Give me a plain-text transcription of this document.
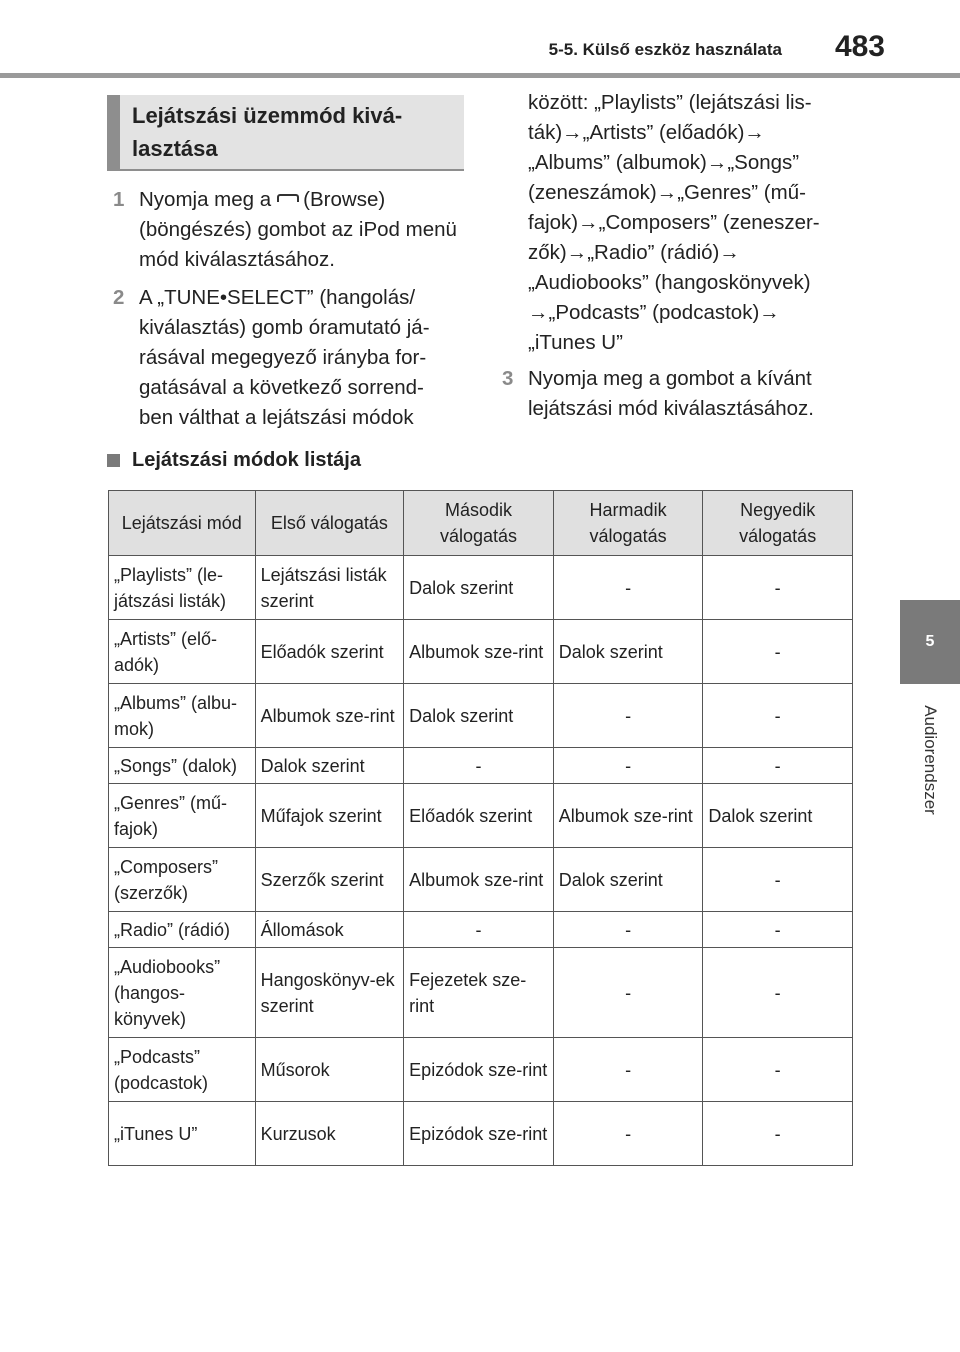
5-5. Külső eszköz használata 483
5
Audiorendszer
Lejátszási üzemmód kivá-
lasztása
1 Nyomja meg a (Browse) (böngészés) gombot az iPod menü mód kiválasztásához.
2 A „TUNE•SELECT” (hangolás/
kiválasztás) gomb óramutató já-
rásával megegyező irányba for-
gatásával a következő sorrend-
ben válthat a lejátszási módok
között: „Playlists” (lejátszási lis-
ták)→„Artists” (előadók)→
„Albums” (albumok)→„Songs”
(zeneszámok)→„Genres” (mű-
fajok)→„Composers” (zeneszer-
zők)→„Radio” (rádió)→
„Audiobooks” (hangoskönyvek)
→„Podcasts” (podcastok)→
„iTunes U”
3 Nyomja meg a gombot a kívánt lejátszási mód kiválasztásához.
Lejátszási módok listája
Lejátszási mód	Első válogatás	Második válogatás	Harmadik válogatás	Negyedik válogatás
„Playlists” (le-játszási listák)	Lejátszási listák szerint	Dalok szerint	-	-
„Artists” (elő-adók)	Előadók szerint	Albumok sze-rint	Dalok szerint	-
„Albums” (albu-mok)	Albumok sze-rint	Dalok szerint	-	-
„Songs” (dalok)	Dalok szerint	-	-	-
„Genres” (mű-fajok)	Műfajok szerint	Előadók szerint	Albumok sze-rint	Dalok szerint
„Composers” (szerzők)	Szerzők szerint	Albumok sze-rint	Dalok szerint	-
„Radio” (rádió)	Állomások	-	-	-
„Audiobooks” (hangos-könyvek)	Hangoskönyv-ek szerint	Fejezetek sze-rint	-	-
„Podcasts” (podcastok)	Műsorok	Epizódok sze-rint	-	-
„iTunes U”	Kurzusok	Epizódok sze-rint	-	-
